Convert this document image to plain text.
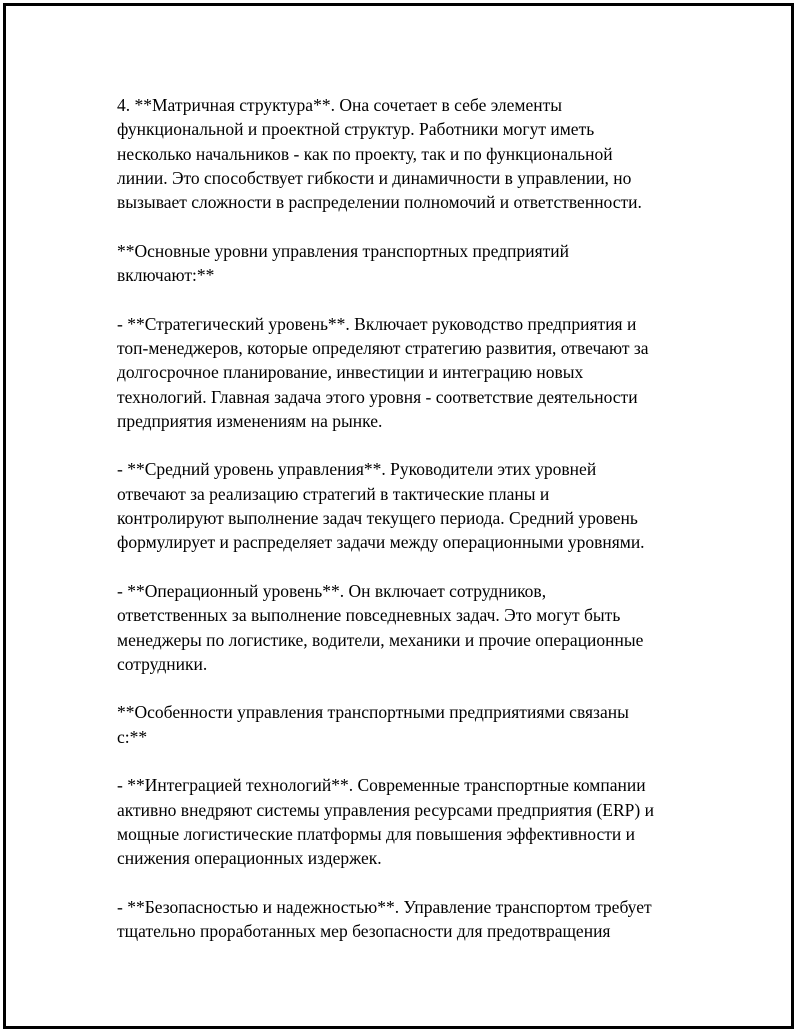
4. **Матричная структура**. Она сочетает в себе элементы
функциональной и проектной структур. Работники могут иметь
несколько начальников - как по проекту, так и по функциональной
линии. Это способствует гибкости и динамичности в управлении, но
вызывает сложности в распределении полномочий и ответственности.
**Основные уровни управления транспортных предприятий
включают:**
- **Стратегический уровень**. Включает руководство предприятия и
топ-менеджеров, которые определяют стратегию развития, отвечают за
долгосрочное планирование, инвестиции и интеграцию новых
технологий. Главная задача этого уровня - соответствие деятельности
предприятия изменениям на рынке.
- **Средний уровень управления**. Руководители этих уровней
отвечают за реализацию стратегий в тактические планы и
контролируют выполнение задач текущего периода. Средний уровень
формулирует и распределяет задачи между операционными уровнями.
- **Операционный уровень**. Он включает сотрудников,
ответственных за выполнение повседневных задач. Это могут быть
менеджеры по логистике, водители, механики и прочие операционные
сотрудники.
**Особенности управления транспортными предприятиями связаны
с:**
- **Интеграцией технологий**. Современные транспортные компании
активно внедряют системы управления ресурсами предприятия (ERP) и
мощные логистические платформы для повышения эффективности и
снижения операционных издержек.
- **Безопасностью и надежностью**. Управление транспортом требует
тщательно проработанных мер безопасности для предотвращения
